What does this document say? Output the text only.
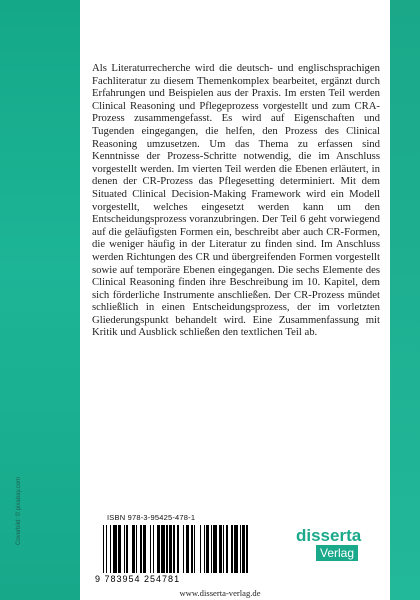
Coverbild: © pixabay.com

Als Literaturrecherche wird die deutsch- und englischsprachigen Fachliteratur zu diesem Themenkomplex bearbeitet, ergänzt durch Erfahrungen und Beispielen aus der Praxis. Im ersten Teil werden Clinical Reasoning und Pflegeprozess vorgestellt und zum CRA-Prozess zusammengefasst. Es wird auf Eigenschaften und Tugenden eingegangen, die helfen, den Prozess des Clinical Reasoning umzusetzen. Um das Thema zu erfassen sind Kenntnisse der Prozess-Schritte notwendig, die im Anschluss vorgestellt werden. Im vierten Teil werden die Ebenen erläutert, in denen der CR-Prozess das Pflegesetting determiniert. Mit dem Situated Clinical Decision-Making Framework wird ein Modell vorgestellt, welches eingesetzt werden kann um den Entscheidungsprozess voranzubringen. Der Teil 6 geht vorwiegend auf die geläufigsten Formen ein, beschreibt aber auch CR-Formen, die weniger häufig in der Literatur zu finden sind. Im Anschluss werden Richtungen des CR und übergreifenden Formen vorgestellt sowie auf temporäre Ebenen eingegangen. Die sechs Elemente des Clinical Reasoning finden ihre Beschreibung im 10. Kapitel, dem sich förderliche Instrumente anschließen. Der CR-Prozess mündet schließlich in einen Entscheidungsprozess, der im vorletzten Gliederungspunkt behandelt wird. Eine Zusammenfassung mit Kritik und Ausblick schließen den textlichen Teil ab.

ISBN 978-3-95425-478-1
9 783954 254781
disserta
Verlag
www.disserta-verlag.de
